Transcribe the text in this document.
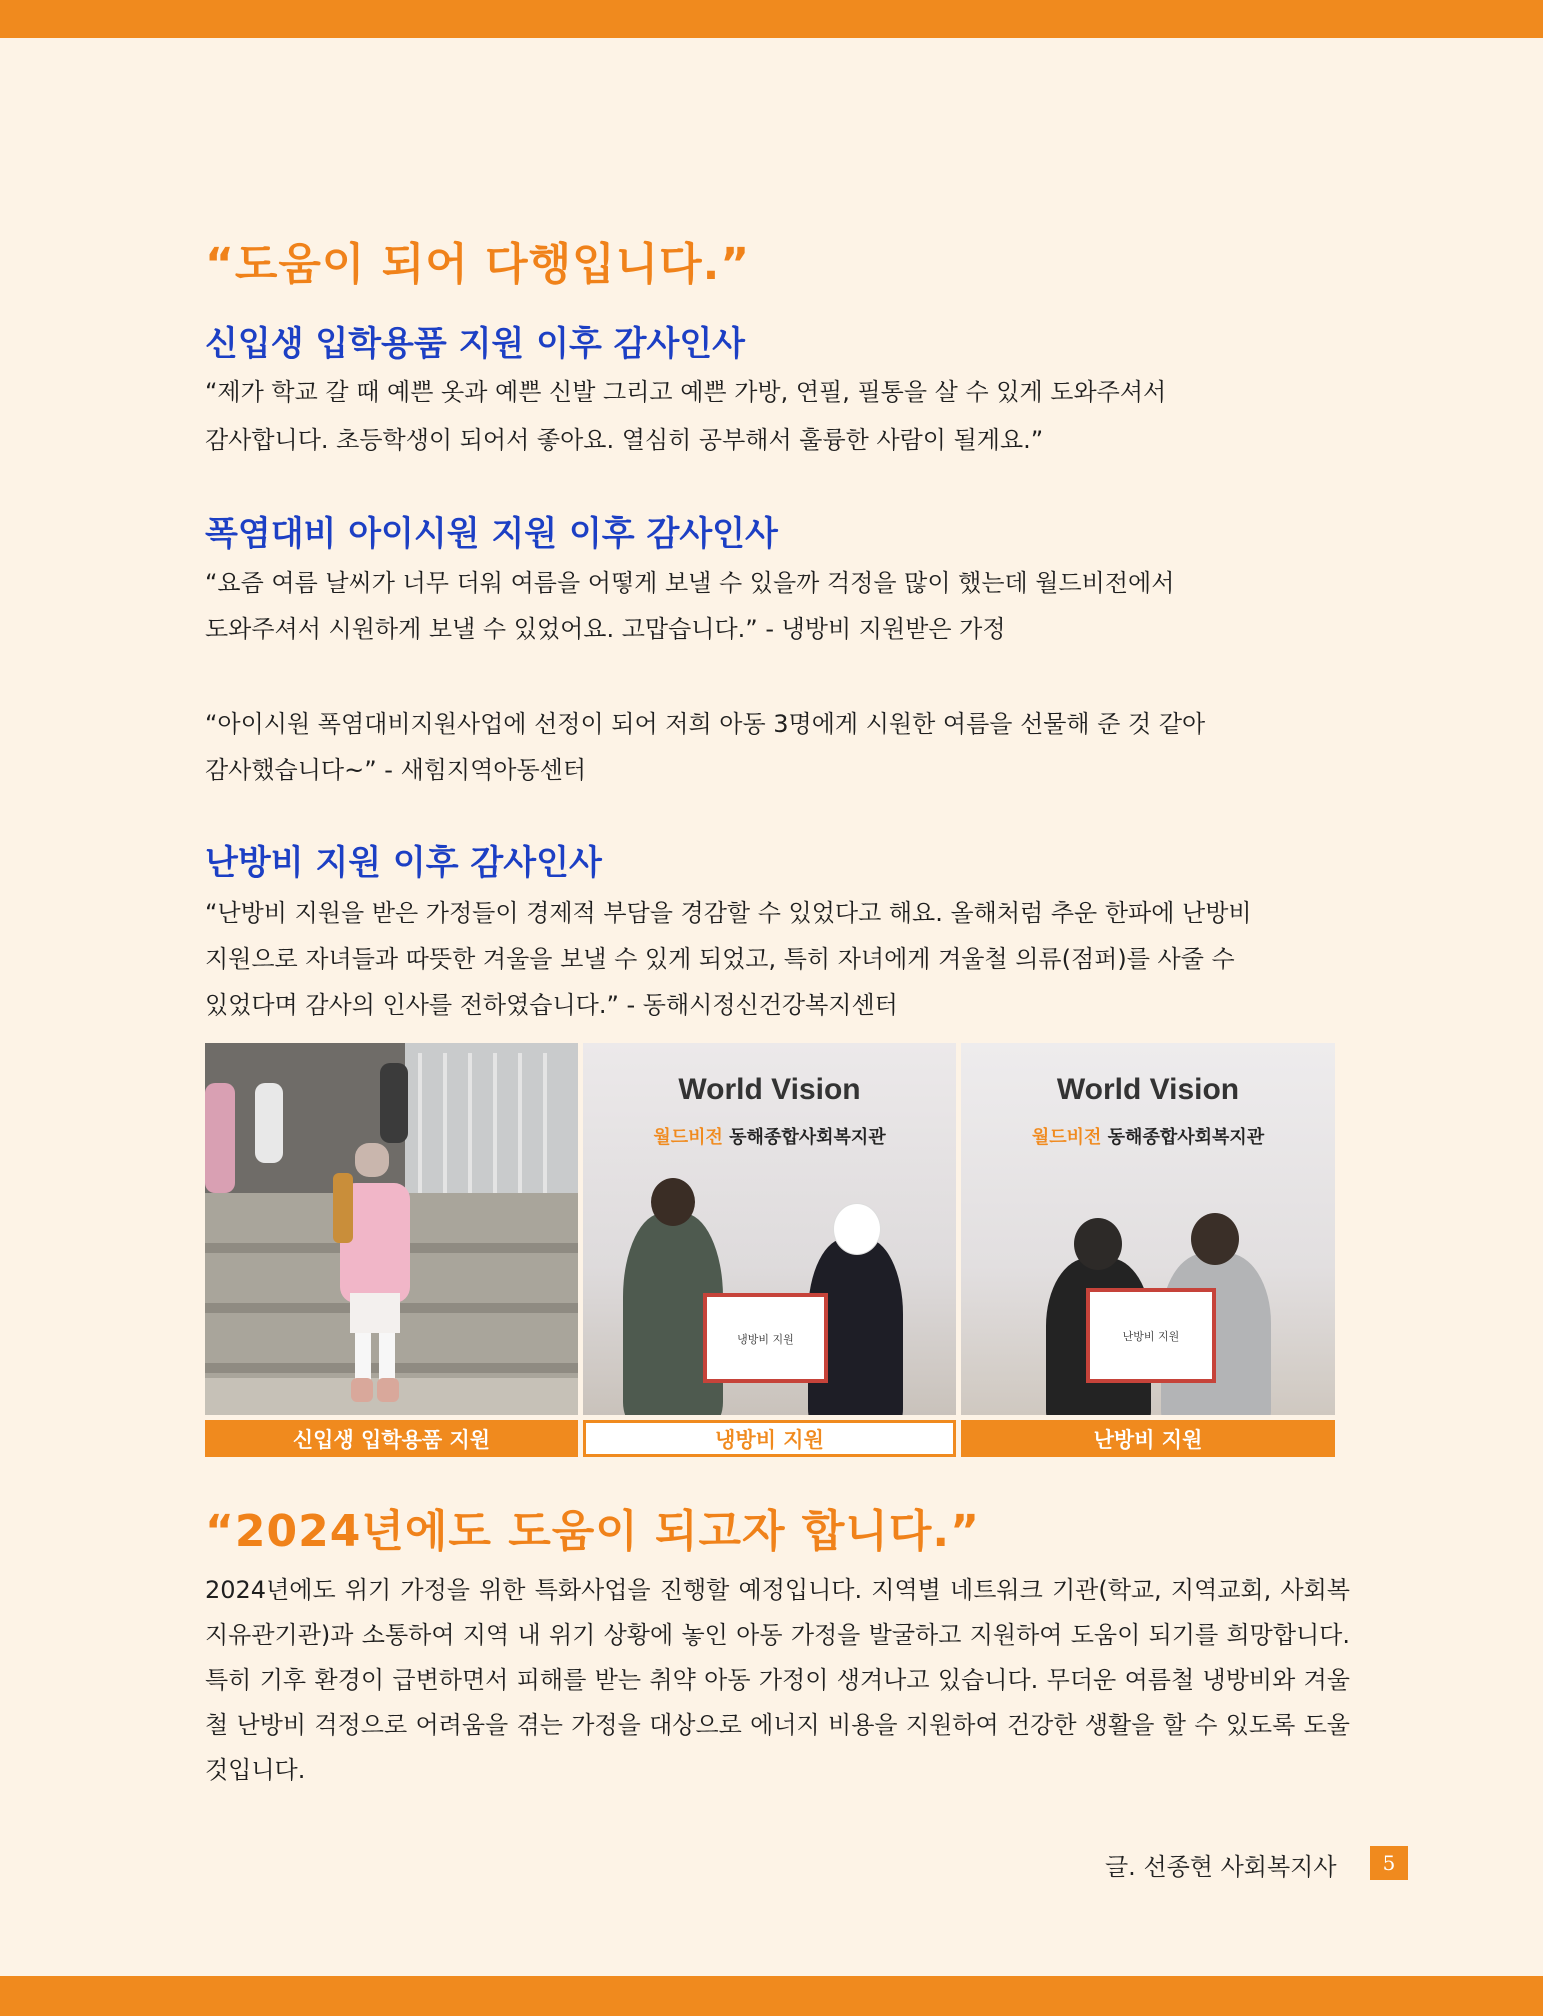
“도움이 되어 다행입니다.”
신입생 입학용품 지원 이후 감사인사

“제가 학교 갈 때 예쁜 옷과 예쁜 신발 그리고 예쁜 가방, 연필, 필통을 살 수 있게 도와주셔서

감사합니다. 초등학생이 되어서 좋아요. 열심히 공부해서 훌륭한 사람이 될게요.”

폭염대비 아이시원 지원 이후 감사인사

“요즘 여름 날씨가 너무 더워 여름을 어떻게 보낼 수 있을까 걱정을 많이 했는데 월드비전에서

도와주셔서 시원하게 보낼 수 있었어요. 고맙습니다.” - 냉방비 지원받은 가정

“아이시원 폭염대비지원사업에 선정이 되어 저희 아동 3명에게 시원한 여름을 선물해 준 것 같아

감사했습니다~” - 새힘지역아동센터

난방비 지원 이후 감사인사

“난방비 지원을 받은 가정들이 경제적 부담을 경감할 수 있었다고 해요. 올해처럼 추운 한파에 난방비

지원으로 자녀들과 따뜻한 겨울을 보낼 수 있게 되었고, 특히 자녀에게 겨울철 의류(점퍼)를 사줄 수

있었다며 감사의 인사를 전하였습니다.” - 동해시정신건강복지센터

“2024년에도 도움이 되고자 합니다.”

2024년에도 위기 가정을 위한 특화사업을 진행할 예정입니다. 지역별 네트워크 기관(학교, 지역교회, 사회복지유관기관)과 소통하여 지역 내 위기 상황에 놓인 아동 가정을 발굴하고 지원하여 도움이 되기를 희망합니다. 특히 기후 환경이 급변하면서 피해를 받는 취약 아동 가정이 생겨나고 있습니다. 무더운 여름철 냉방비와 겨울철 난방비 걱정으로 어려움을 겪는 가정을 대상으로 에너지 비용을 지원하여 건강한 생활을 할 수 있도록 도울 것입니다.

World Vision
월드비전 동해종합사회복지관
냉방비 지원
World Vision
월드비전 동해종합사회복지관
난방비 지원
신입생 입학용품 지원	냉방비 지원	난방비 지원
글. 선종현 사회복지사	5
